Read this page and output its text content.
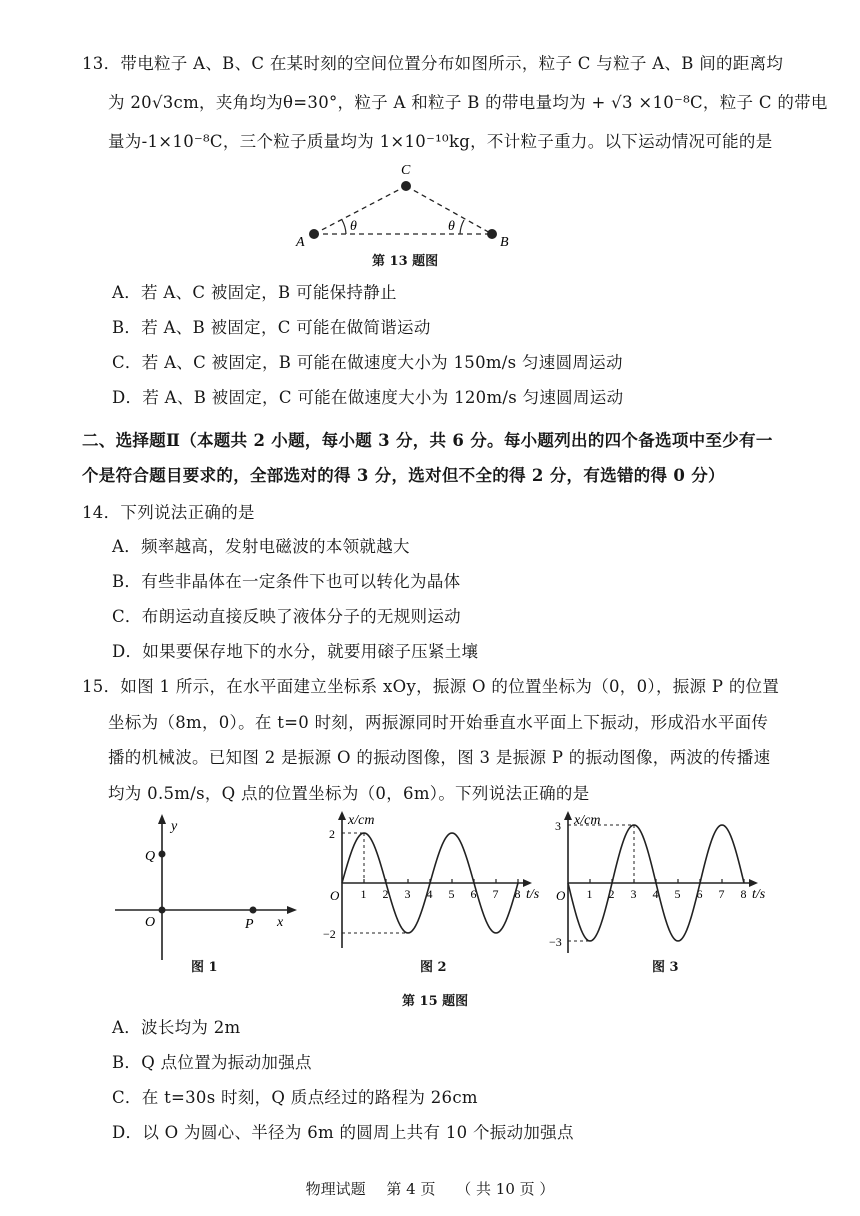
13．带电粒子 A、B、C 在某时刻的空间位置分布如图所示，粒子 C 与粒子 A、B 间的距离均
为 20√3cm，夹角均为θ=30°，粒子 A 和粒子 B 的带电量均为 + √3 ×10⁻⁸C，粒子 C 的带电
量为-1×10⁻⁸C，三个粒子质量均为 1×10⁻¹⁰kg，不计粒子重力。以下运动情况可能的是
A	B
C
θ	θ
第 13 题图
A．若 A、C 被固定，B 可能保持静止
B．若 A、B 被固定，C 可能在做简谐运动
C．若 A、C 被固定，B 可能在做速度大小为 150m/s 匀速圆周运动
D．若 A、B 被固定，C 可能在做速度大小为 120m/s 匀速圆周运动
二、选择题Ⅱ（本题共 2 小题，每小题 3 分，共 6 分。每小题列出的四个备选项中至少有一
个是符合题目要求的，全部选对的得 3 分，选对但不全的得 2 分，有选错的得 0 分）
14．下列说法正确的是
A．频率越高，发射电磁波的本领就越大
B．有些非晶体在一定条件下也可以转化为晶体
C．布朗运动直接反映了液体分子的无规则运动
D．如果要保存地下的水分，就要用磙子压紧土壤
15．如图 1 所示，在水平面建立坐标系 xOy，振源 O 的位置坐标为（0，0），振源 P 的位置
坐标为（8m，0）。在 t=0 时刻，两振源同时开始垂直水平面上下振动，形成沿水平面传
播的机械波。已知图 2 是振源 O 的振动图像，图 3 是振源 P 的振动图像，两波的传播速
均为 0.5m/s，Q 点的位置坐标为（0，6m）。下列说法正确的是
y
x
Q
O	P
图 1
x/cm
t/s
O 1 2 3 4 5 6 7 8
2
−2
图 2
x/cm
t/s
O 1 2 3 4 5 6 7 8
3
−3
图 3
第 15 题图
A．波长均为 2m
B．Q 点位置为振动加强点
C．在 t=30s 时刻，Q 质点经过的路程为 26cm
D．以 O 为圆心、半径为 6m 的圆周上共有 10 个振动加强点
物理试题 第 4 页 （ 共 10 页 ）
